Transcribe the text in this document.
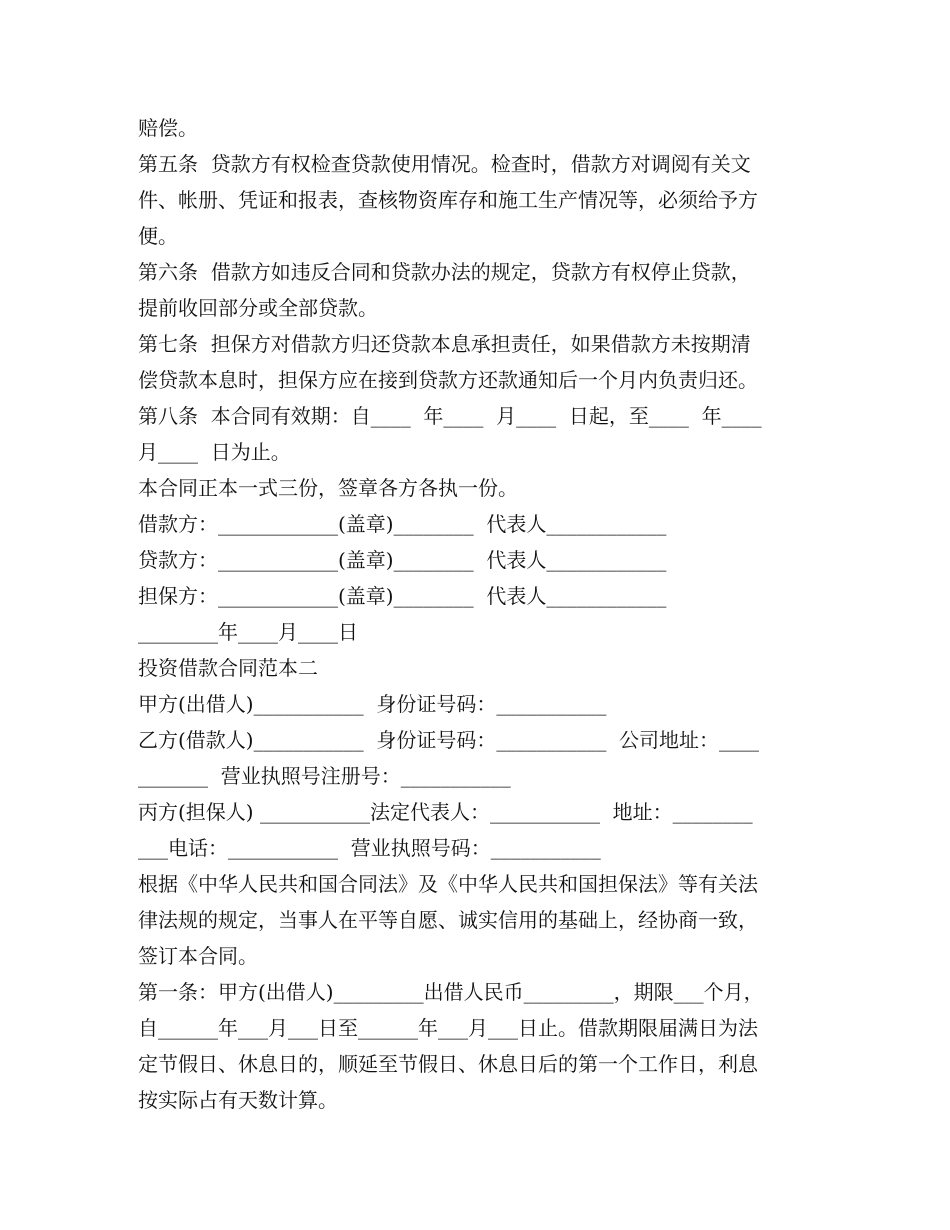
赔偿。
第五条  贷款方有权检查贷款使用情况。检查时，借款方对调阅有关文
件、帐册、凭证和报表，查核物资库存和施工生产情况等，必须给予方
便。
第六条  借款方如违反合同和贷款办法的规定，贷款方有权停止贷款，
提前收回部分或全部贷款。
第七条  担保方对借款方归还贷款本息承担责任，如果借款方未按期清
偿贷款本息时，担保方应在接到贷款方还款通知后一个月内负责归还。
第八条  本合同有效期：自____  年____  月____  日起，至____  年____
月____  日为止。
本合同正本一式三份，签章各方各执一份。
借款方：____________(盖章)________  代表人____________
贷款方：____________(盖章)________  代表人____________
担保方：____________(盖章)________  代表人____________
________年____月____日
投资借款合同范本二
甲方(出借人)___________  身份证号码：___________
乙方(借款人)___________  身份证号码：___________  公司地址：____
_______  营业执照号注册号：___________
丙方(担保人) ___________法定代表人：___________  地址：________
___电话：___________  营业执照号码：___________
根据《中华人民共和国合同法》及《中华人民共和国担保法》等有关法
律法规的规定，当事人在平等自愿、诚实信用的基础上，经协商一致，
签订本合同。
第一条：甲方(出借人)_________出借人民币_________，期限___个月，
自______年___月___日至______年___月___日止。借款期限届满日为法
定节假日、休息日的，顺延至节假日、休息日后的第一个工作日，利息
按实际占有天数计算。
